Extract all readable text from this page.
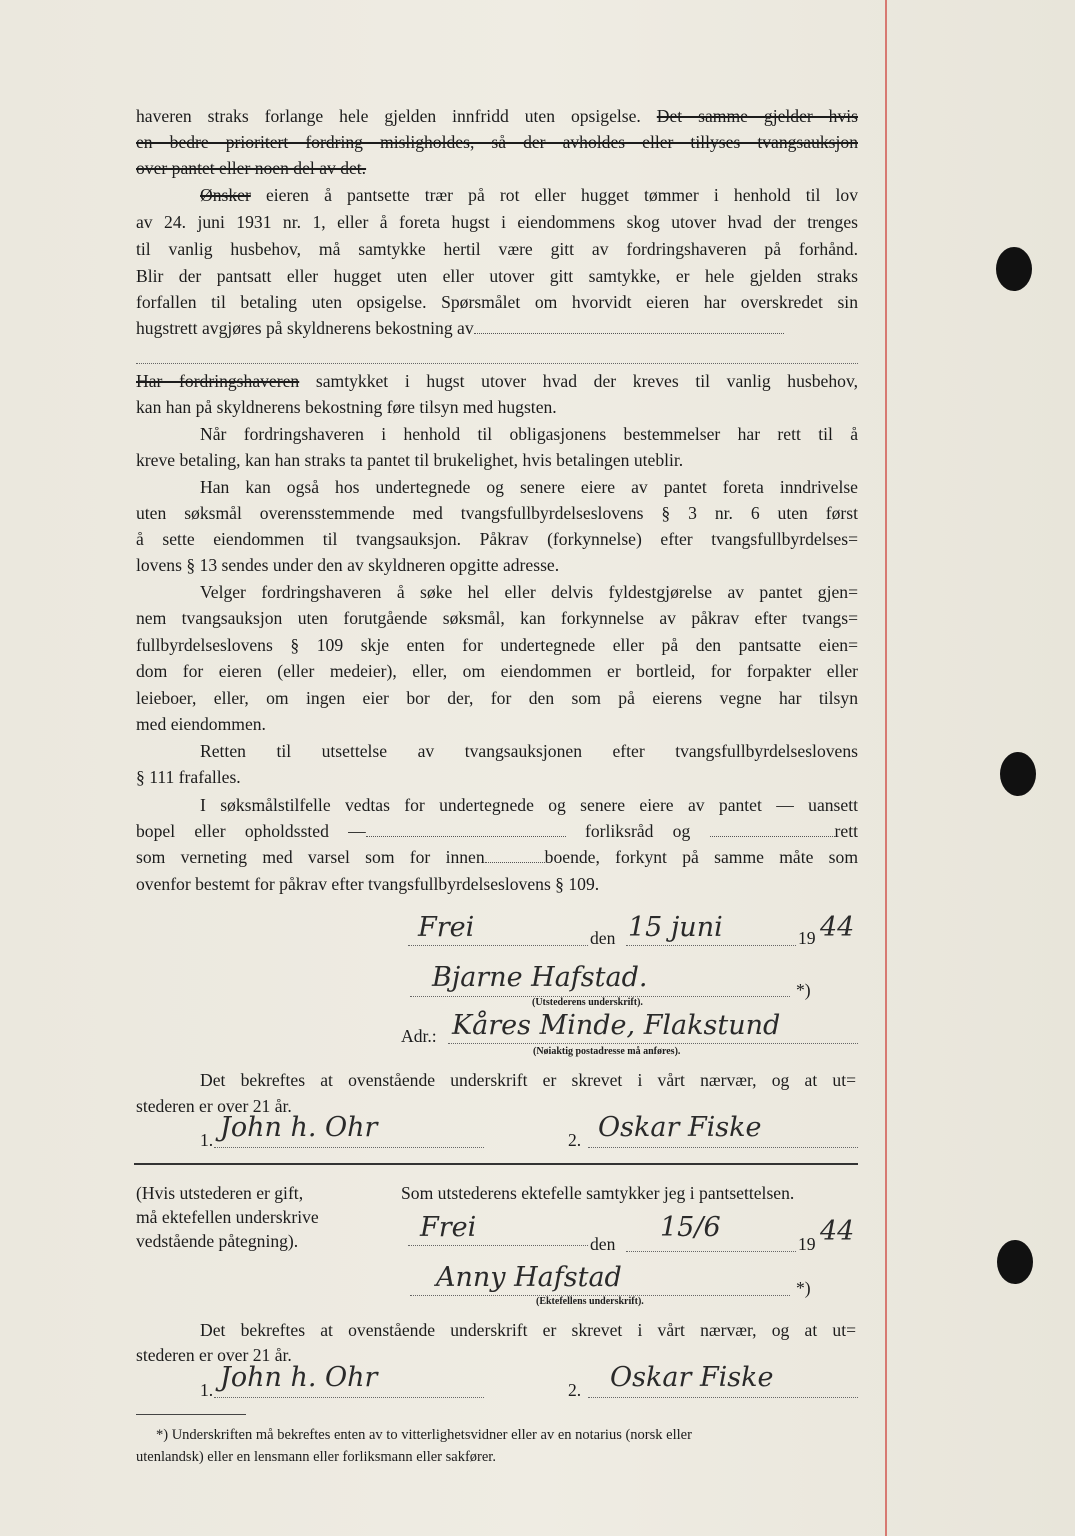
haveren straks forlange hele gjelden innfridd uten opsigelse. Det samme gjelder hvis
en bedre prioritert fordring misligholdes, så der avholdes eller tillyses tvangsauksjon
over pantet eller noen del av det.
Ønsker eieren å pantsette trær på rot eller hugget tømmer i henhold til lov
av 24. juni 1931 nr. 1, eller å foreta hugst i eiendommens skog utover hvad der trenges
til vanlig husbehov, må samtykke hertil være gitt av fordringshaveren på forhånd.
Blir der pantsatt eller hugget uten eller utover gitt samtykke, er hele gjelden straks
forfallen til betaling uten opsigelse. Spørsmålet om hvorvidt eieren har overskredet sin
hugstrett avgjøres på skyldnerens bekostning av
Har fordringshaveren samtykket i hugst utover hvad der kreves til vanlig husbehov,
kan han på skyldnerens bekostning føre tilsyn med hugsten.
Når fordringshaveren i henhold til obligasjonens bestemmelser har rett til å
kreve betaling, kan han straks ta pantet til brukelighet, hvis betalingen uteblir.
Han kan også hos undertegnede og senere eiere av pantet foreta inndrivelse
uten søksmål overensstemmende med tvangsfullbyrdelseslovens § 3 nr. 6 uten først
å sette eiendommen til tvangsauksjon. Påkrav (forkynnelse) efter tvangsfullbyrdelses=
lovens § 13 sendes under den av skyldneren opgitte adresse.
Velger fordringshaveren å søke hel eller delvis fyldestgjørelse av pantet gjen=
nem tvangsauksjon uten forutgående søksmål, kan forkynnelse av påkrav efter tvangs=
fullbyrdelseslovens § 109 skje enten for undertegnede eller på den pantsatte eien=
dom for eieren (eller medeier), eller, om eiendommen er bortleid, for forpakter eller
leieboer, eller, om ingen eier bor der, for den som på eierens vegne har tilsyn
med eiendommen.
Retten til utsettelse av tvangsauksjonen efter tvangsfullbyrdelseslovens
§ 111 frafalles.
I søksmålstilfelle vedtas for undertegnede og senere eiere av pantet — uansett
bopel eller opholdssted —	forliksråd og	rett
som verneting med varsel som for innen	boende, forkynt på samme måte som
ovenfor bestemt for påkrav efter tvangsfullbyrdelseslovens § 109.
Frei	den 15 juni	19 44
Bjarne Hafstad.	*)
(Utstederens underskrift).
Adr.: Kåres Minde, Flakstund
(Nøiaktig postadresse må anføres).
Det bekreftes at ovenstående underskrift er skrevet i vårt nærvær, og at ut=
stederen er over 21 år.
1. John h. Ohr	2. Oskar Fiske
(Hvis utstederen er gift,
må ektefellen underskrive
vedstående påtegning).
Som utstederens ektefelle samtykker jeg i pantsettelsen.
Frei
den
15/6
19 44
Anny Hafstad	*)
(Ektefellens underskrift).
Det bekreftes at ovenstående underskrift er skrevet i vårt nærvær, og at ut=
stederen er over 21 år.
1. John h. Ohr	2. Oskar Fiske
*) Underskriften må bekreftes enten av to vitterlighetsvidner eller av en notarius (norsk eller
utenlandsk) eller en lensmann eller forliksmann eller sakfører.
